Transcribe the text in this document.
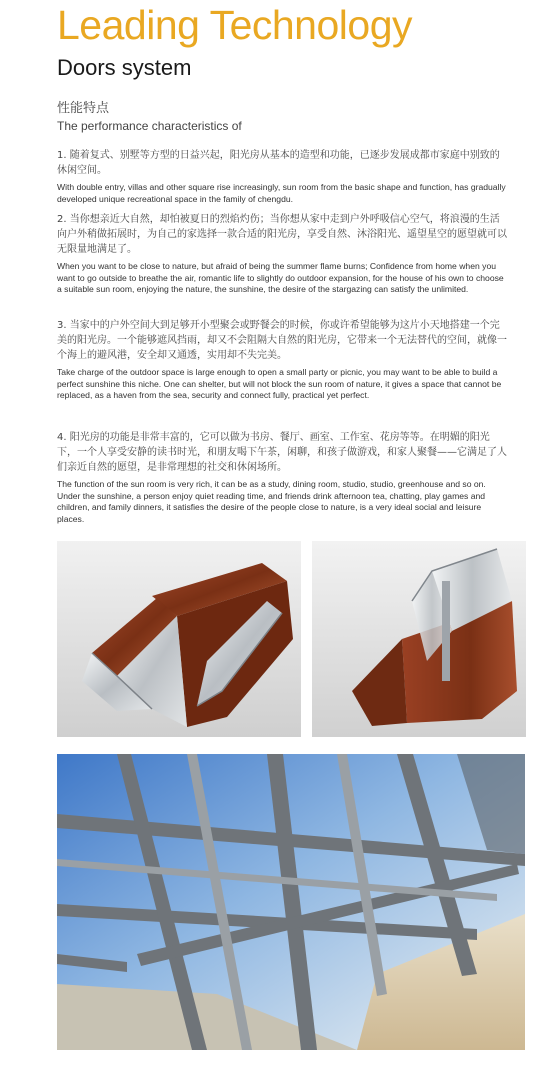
Leading Technology
Doors system
性能特点
The performance characteristics of

1. 随着复式、别墅等方型的日益兴起，阳光房从基本的造型和功能，已逐步发展成都市家庭中别致的休闲空间。

With double entry, villas and other square rise increasingly, sun room from the basic shape and function, has gradually developed unique recreational space in the family of chengdu.

2. 当你想亲近大自然，却怕被夏日的烈焰灼伤；当你想从家中走到户外呼吸信心空气，将浪漫的生活向户外稍做拓展时，为自己的家选择一款合适的阳光房，享受自然、沐浴阳光、遥望星空的愿望就可以无限量地满足了。

When you want to be close to nature, but afraid of being the summer flame burns; Confidence from home when you want to go outside to breathe the air, romantic life to slightly do outdoor expansion, for the house of his own to choose a suitable sun room, enjoying the nature, the sunshine, the desire of the stargazing can satisfy the unlimited.

3. 当家中的户外空间大到足够开小型聚会或野餐会的时候，你或许希望能够为这片小天地搭建一个完美的阳光房。一个能够遮风挡雨，却又不会阻隔大自然的阳光房，它带来一个无法替代的空间，就像一个海上的避风港，安全却又通透，实用却不失完美。

Take charge of the outdoor space is large enough to open a small party or picnic, you may want to be able to build a perfect sunshine this niche. One can shelter, but will not block the sun room of nature, it gives a space that cannot be replaced, as a haven from the sea, security and connect fully, practical yet perfect.

4. 阳光房的功能是非常丰富的，它可以做为书房、餐厅、画室、工作室、花房等等。在明媚的阳光下，一个人享受安静的读书时光，和朋友喝下午茶，闲聊，和孩子做游戏，和家人聚餐——它满足了人们亲近自然的愿望，是非常理想的社交和休闲场所。

The function of the sun room is very rich, it can be as a study, dining room, studio, studio, greenhouse and so on. Under the sunshine, a person enjoy quiet reading time, and friends drink afternoon tea, chatting, play games and children, and family dinners, it satisfies the desire of the people close to nature, is a very ideal social and leisure places.
